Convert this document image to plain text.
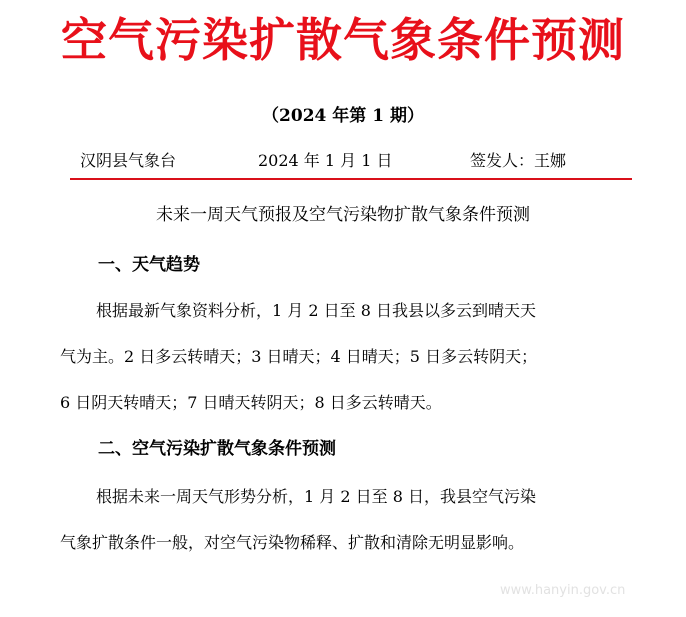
空气污染扩散气象条件预测
（2024 年第 1 期）
汉阴县气象台	2024 年 1 月 1 日	签发人：王娜
未来一周天气预报及空气污染物扩散气象条件预测
一、天气趋势
根据最新气象资料分析，1 月 2 日至 8 日我县以多云到晴天天
气为主。2 日多云转晴天；3 日晴天；4 日晴天；5 日多云转阴天；
6 日阴天转晴天；7 日晴天转阴天；8 日多云转晴天。
二、空气污染扩散气象条件预测
根据未来一周天气形势分析，1 月 2 日至 8 日，我县空气污染
气象扩散条件一般，对空气污染物稀释、扩散和清除无明显影响。
www.hanyin.gov.cn
